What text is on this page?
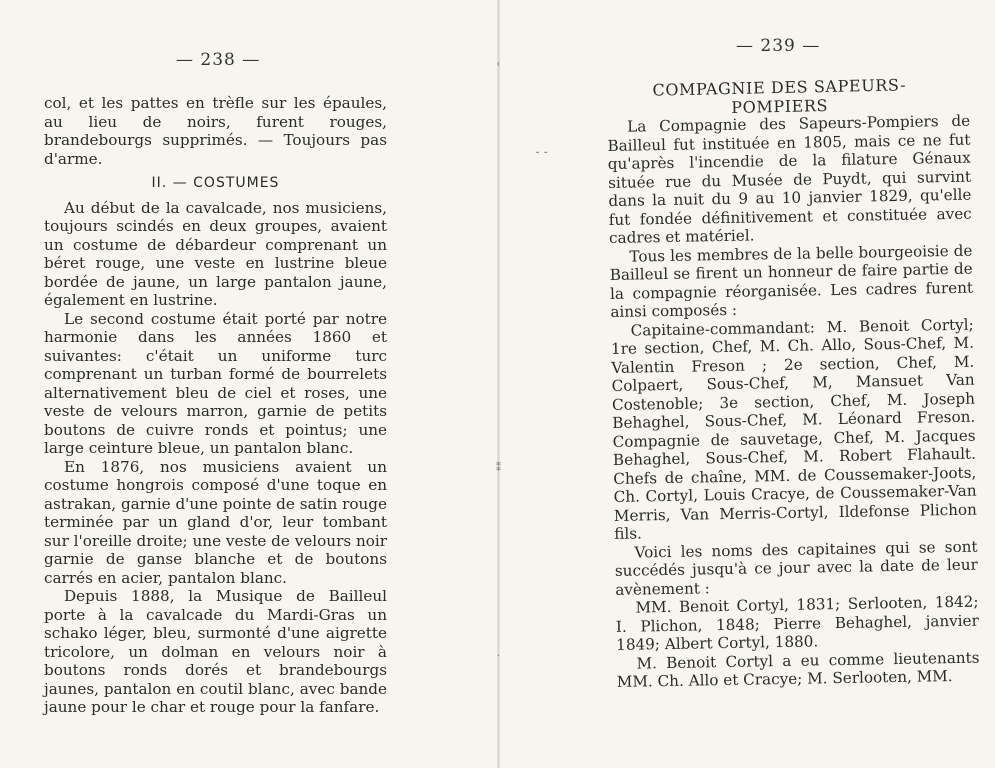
— 238 —

col, et les pattes en trèfle sur les épaules, au lieu de noirs, furent rouges, brandebourgs supprimés. — Toujours pas d'arme.

II. — COSTUMES

Au début de la cavalcade, nos musiciens, toujours scindés en deux groupes, avaient un costume de débardeur comprenant un béret rouge, une veste en lustrine bleue bordée de jaune, un large pantalon jaune, également en lustrine.

Le second costume était porté par notre harmonie dans les années 1860 et suivantes: c'était un uniforme turc comprenant un turban formé de bourrelets alternativement bleu de ciel et roses, une veste de velours marron, garnie de petits boutons de cuivre ronds et pointus; une large ceinture bleue, un pantalon blanc.

En 1876, nos musiciens avaient un costume hongrois composé d'une toque en astrakan, garnie d'une pointe de satin rouge terminée par un gland d'or, leur tombant sur l'oreille droite; une veste de velours noir garnie de ganse blanche et de boutons carrés en acier, pantalon blanc.

Depuis 1888, la Musique de Bailleul porte à la cavalcade du Mardi-Gras un schako léger, bleu, surmonté d'une aigrette tricolore, un dolman en velours noir à boutons ronds dorés et brandebourgs jaunes, pantalon en coutil blanc, avec bande jaune pour le char et rouge pour la fanfare.

‹
⁑
·
⁃ ⁃
— 239 —
COMPAGNIE DES SAPEURS-POMPIERS

La Compagnie des Sapeurs-Pompiers de Bailleul fut instituée en 1805, mais ce ne fut qu'après l'incendie de la filature Génaux située rue du Musée de Puydt, qui survint dans la nuit du 9 au 10 janvier 1829, qu'elle fut fondée définitivement et constituée avec cadres et matériel.

Tous les membres de la belle bourgeoisie de Bailleul se firent un honneur de faire partie de la compagnie réorganisée. Les cadres furent ainsi composés :

Capitaine-commandant: M. Benoit Cortyl; 1re section, Chef, M. Ch. Allo, Sous-Chef, M. Valentin Freson ; 2e section, Chef, M. Colpaert, Sous-Chef, M, Mansuet Van Costenoble; 3e section, Chef, M. Joseph Behaghel, Sous-Chef, M. Léonard Freson. Compagnie de sauvetage, Chef, M. Jacques Behaghel, Sous-Chef, M. Robert Flahault. Chefs de chaîne, MM. de Coussemaker-Joots, Ch. Cortyl, Louis Cracye, de Coussemaker-Van Merris, Van Merris-Cortyl, Ildefonse Plichon fils.

Voici les noms des capitaines qui se sont succédés jusqu'à ce jour avec la date de leur avènement :

MM. Benoit Cortyl, 1831; Serlooten, 1842; I. Plichon, 1848; Pierre Behaghel, janvier 1849; Albert Cortyl, 1880.

M. Benoit Cortyl a eu comme lieutenants MM. Ch. Allo et Cracye; M. Serlooten, MM.
